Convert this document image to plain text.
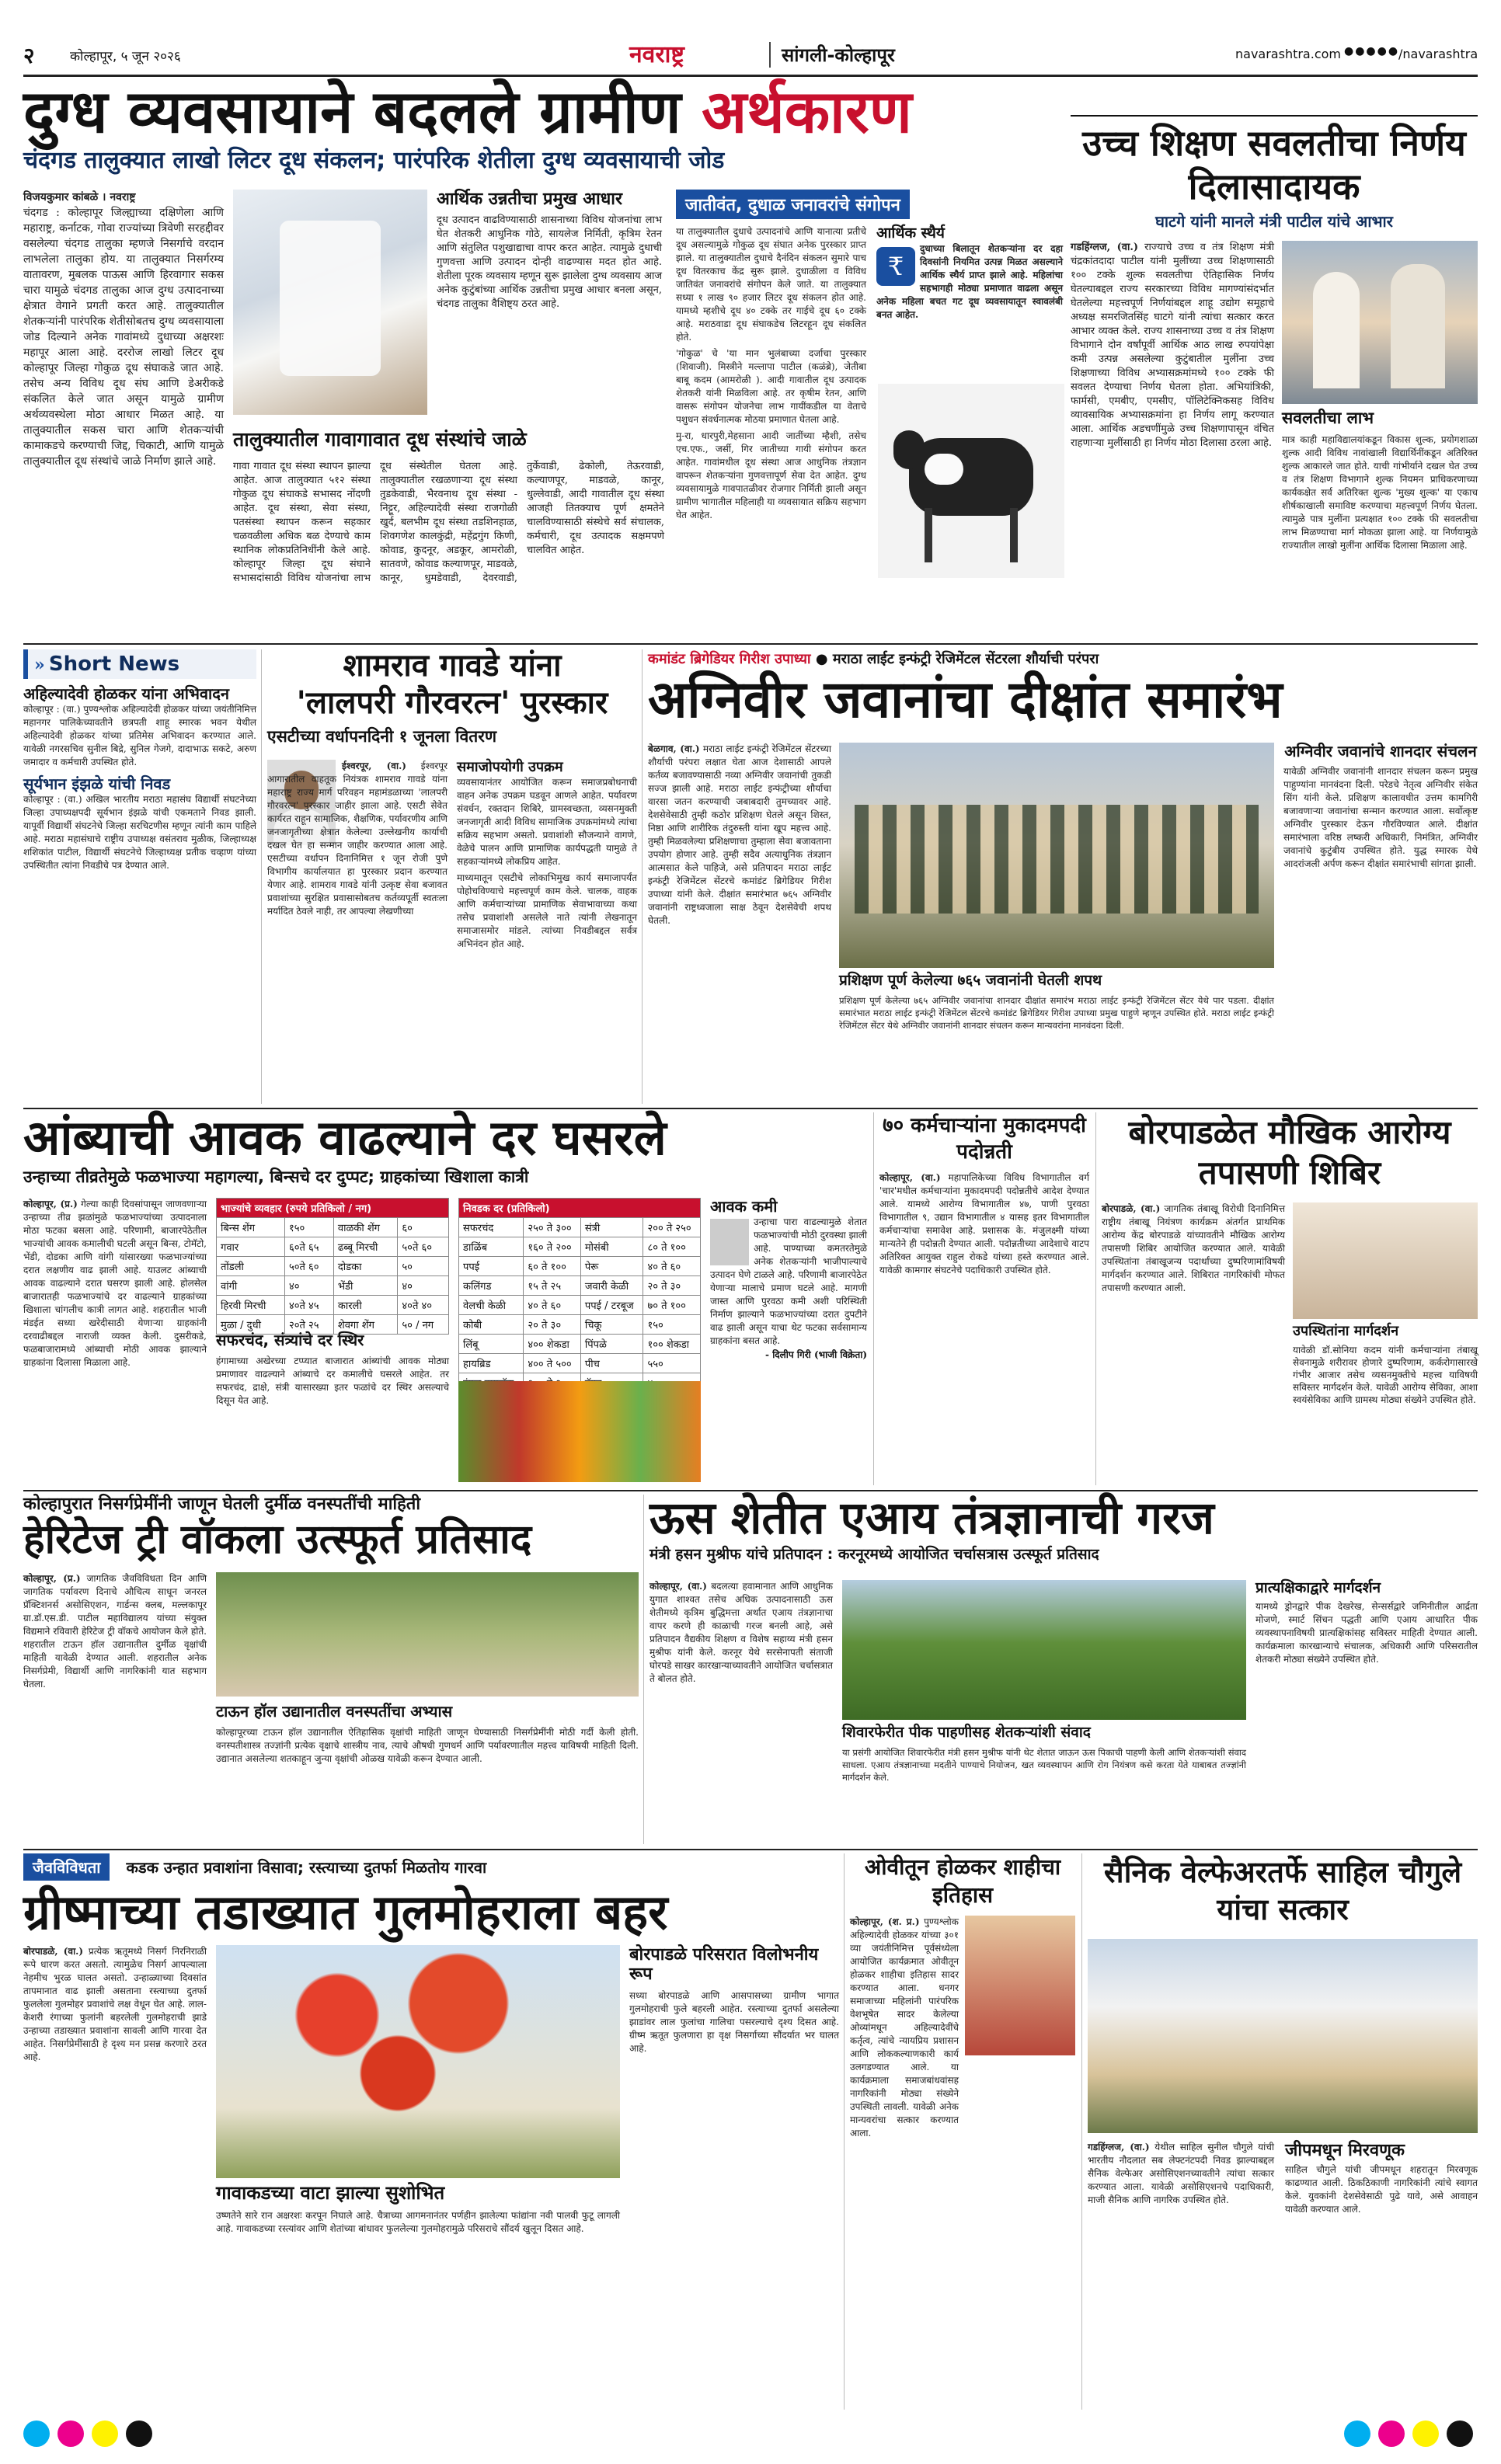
२	कोल्हापूर, ५ जून २०२६	नवराष्ट्र	सांगली-कोल्हापूर	navarashtra.com ●●●●●
/navarashtra
दुग्ध व्यवसायाने बदलले ग्रामीण अर्थकारण
चंदगड तालुक्यात लाखो लिटर दूध संकलन; पारंपरिक शेतीला दुग्ध व्यवसायाची जोड
विजयकुमार कांबळे । नवराष्ट्र
चंदगड : कोल्हापूर जिल्ह्याच्या दक्षिणेला आणि महाराष्ट्र, कर्नाटक, गोवा राज्यांच्या त्रिवेणी सरहद्दीवर वसलेल्या चंदगड तालुका म्हणजे निसर्गाचे वरदान लाभलेला तालुका होय. या तालुक्यात निसर्गरम्य वातावरण, मुबलक पाऊस आणि हिरवागार सकस चारा यामुळे चंदगड तालुका आज दुग्ध उत्पादनाच्या क्षेत्रात वेगाने प्रगती करत आहे. तालुक्यातील शेतकऱ्यांनी पारंपरिक शेतीसोबतच दुग्ध व्यवसायाला जोड दिल्याने अनेक गावांमध्ये दुधाच्या अक्षरशः महापूर आला आहे. दररोज लाखो लिटर दूध कोल्हापूर जिल्हा गोकुळ दूध संघाकडे जात आहे. तसेच अन्य विविध दूध संघ आणि डेअरीकडे संकलित केले जात असून यामुळे ग्रामीण अर्थव्यवस्थेला मोठा आधार मिळत आहे. या तालुक्यातील सकस चारा आणि शेतकऱ्यांची कामाकडचे करण्याची जिद्द, चिकाटी, आणि यामुळे तालुक्यातील दूध संस्थांचे जाळे निर्माण झाले आहे.
आर्थिक उन्नतीचा प्रमुख आधार
दूध उत्पादन वाढविण्यासाठी शासनाच्या विविध योजनांचा लाभ घेत शेतकरी आधुनिक गोठे, सायलेज निर्मिती, कृत्रिम रेतन आणि संतुलित पशुखाद्याचा वापर करत आहेत. त्यामुळे दुधाची गुणवत्ता आणि उत्पादन दोन्ही वाढण्यास मदत होत आहे. शेतीला पूरक व्यवसाय म्हणून सुरू झालेला दुग्ध व्यवसाय आज अनेक कुटुंबांच्या आर्थिक उन्नतीचा प्रमुख आधार बनला असून, चंदगड तालुका वैशिष्ट्य ठरत आहे.
तालुक्यातील गावागावात दूध संस्थांचे जाळे
गावा गावात दूध संस्था स्थापन झाल्या आहेत. आज तालुक्यात ५१२ संस्था गोकुळ दूध संघाकडे सभासद नोंदणी आहेत. दूध संस्था, सेवा संस्था, पतसंस्था स्थापन करून सहकार चळवळीला अधिक बळ देण्याचे काम स्थानिक लोकप्रतिनिधींनी केले आहे. कोल्हापूर जिल्हा दूध संघाने सभासदांसाठी विविध योजनांचा लाभ दूध संस्थेतील घेतला आहे. तालुक्यातील रखळणाऱ्या दूध संस्था तुडकेवाडी, भैरवनाथ दूध संस्था - निट्टूर, अहिल्यादेवी संस्था राजगोळी खुर्द, बलभीम दूध संस्था तडशिनहाळ, शिवगणेश कालकुंद्री, महेंद्रगुंग किणी, कोवाड, कुदनूर, अडकूर, आमरोळी, सातवणे, कोवाड कल्याणपूर, माडवळे, कानूर, धुमडेवाडी, देवरवाडी, तुर्केवाडी, ढेकोली, तेऊरवाडी, कल्याणपूर, माडवळे, कानूर, धुल्लेवाडी, आदी गावातील दूध संस्था आजही तितक्याच पूर्ण क्षमतेने चालविण्यासाठी संस्थेचे सर्व संचालक, कर्मचारी, दूध उत्पादक सक्षमपणे चालवित आहेत.
जातीवंत, दुधाळ जनावरांचे संगोपन

या तालुक्यातील दुधाचे उत्पादनांचे आणि यानात्या प्रतीचे दूध असल्यामुळे गोकुळ दूध संघात अनेक पुरस्कार प्राप्त झाले. या तालुक्यातील दुधाचे दैनंदिन संकलन सुमारे पाच दूध वितरकाच केंद्र सुरू झाले. दुधाळीला व विविध जातिवंत जनावरांचे संगोपन केले जाते. या तालुक्यात सध्या १ लाख ९० हजार लिटर दूध संकलन होत आहे. यामध्ये म्हशीचे दूध ४० टक्के तर गाईचे दूध ६० टक्के आहे. मराठवाडा दूध संघाकडेच लिटरहून दूध संकलित होते.

'गोकुळ' चे 'या मान भुलंबाच्या दर्जाचा पुरस्कार (शिवाजी). मिस्त्रीने मल्लापा पाटील (कळंब्रे), जेतीबा बाबू कदम (आमरोळी ). आदी गावातील दूध उत्पादक शेतकरी यांनी मिळविला आहे. तर कृषीम रेतन, आणि वासरू संगोपन योजनेचा लाभ गायींकडील या वेताचे पशुधन संवर्धनात्मक मोठया प्रमाणात घेतला आहे.

मु-रा, धारपुरी,मेहसाना आदी जातींच्या म्हैशी, तसेच एच.एफ., जर्सी, गिर जातीच्या गायी संगोपन करत आहेत. गावांमधील दूध संस्था आज आधुनिक तंत्रज्ञान वापरून शेतकऱ्यांना गुणवत्तापूर्ण सेवा देत आहेत. दुग्ध व्यवसायामुळे गावपातळीवर रोजगार निर्मिती झाली असून ग्रामीण भागातील महिलाही या व्यवसायात सक्रिय सहभाग घेत आहेत.

आर्थिक स्थैर्य
₹
दुधाच्या बिलातून शेतकऱ्यांना दर दहा दिवसांनी नियमित उत्पन्न मिळत असल्याने आर्थिक स्थैर्य प्राप्त झाले आहे. महिलांचा सहभागही मोठ्या प्रमाणात वाढला असून अनेक महिला बचत गट दूध व्यवसायातून स्वावलंबी बनत आहेत.
उच्च शिक्षण सवलतीचा निर्णय दिलासादायक
घाटगे यांनी मानले मंत्री पाटील यांचे आभार
गडहिंग्लज, (वा.) राज्याचे उच्च व तंत्र शिक्षण मंत्री चंद्रकांतदादा पाटील यांनी मुलींच्या उच्च शिक्षणासाठी १०० टक्के शुल्क सवलतीचा ऐतिहासिक निर्णय घेतल्याबद्दल राज्य सरकारच्या विविध मागण्यांसंदर्भात घेतलेल्या महत्त्वपूर्ण निर्णयांबद्दल शाहू उद्योग समूहाचे अध्यक्ष समरजितसिंह घाटगे यांनी त्यांचा सत्कार करत आभार व्यक्त केले. राज्य शासनाच्या उच्च व तंत्र शिक्षण विभागाने दोन वर्षांपूर्वी आर्थिक आठ लाख रुपयांपेक्षा कमी उत्पन्न असलेल्या कुटुंबातील मुलींना उच्च शिक्षणाच्या विविध अभ्यासक्रमांमध्ये १०० टक्के फी सवलत देण्याचा निर्णय घेतला होता. अभियांत्रिकी, फार्मसी, एमबीए, एमसीए, पॉलिटेक्निकसह विविध व्यावसायिक अभ्यासक्रमांना हा निर्णय लागू करण्यात आला. आर्थिक अडचणींमुळे उच्च शिक्षणापासून वंचित राहणाऱ्या मुलींसाठी हा निर्णय मोठा दिलासा ठरला आहे.
सवलतीचा लाभ
मात्र काही महाविद्यालयांकडून विकास शुल्क, प्रयोगशाळा शुल्क आदी विविध नावांखाली विद्यार्थिनींकडून अतिरिक्त शुल्क आकारले जात होते. याची गांभीर्याने दखल घेत उच्च व तंत्र शिक्षण विभागाने शुल्क नियमन प्राधिकरणाच्या कार्यकक्षेत सर्व अतिरिक्त शुल्क 'मुख्य शुल्क' या एकाच शीर्षकाखाली समाविष्ट करण्याचा महत्त्वपूर्ण निर्णय घेतला. त्यामुळे पात्र मुलींना प्रत्यक्षात १०० टक्के फी सवलतीचा लाभ मिळण्याचा मार्ग मोकळा झाला आहे. या निर्णयामुळे राज्यातील लाखो मुलींना आर्थिक दिलासा मिळाला आहे.
» Short News
अहिल्यादेवी होळकर यांना अभिवादन
कोल्हापूर : (वा.) पुण्यश्लोक अहिल्यादेवी होळकर यांच्या जयंतीनिमित्त महानगर पालिकेच्यावतीने छत्रपती शाहू स्मारक भवन येथील अहिल्यादेवी होळकर यांच्या प्रतिमेस अभिवादन करण्यात आले. यावेळी नगरसचिव सुनील बिद्रे, सुनिल गेजगे, दादाभाऊ सकटे, अरुण जमादार व कर्मचारी उपस्थित होते.
सूर्यभान इंझळे यांची निवड
कोल्हापूर : (वा.) अखिल भारतीय मराठा महासंघ विद्यार्थी संघटनेच्या जिल्हा उपाध्यक्षपदी सूर्यभान इंझळे यांची एकमताने निवड झाली. यापूर्वी विद्यार्थी संघटनेचे जिल्हा सरचिटणीस म्हणून त्यांनी काम पाहिले आहे. मराठा महासंघाचे राष्ट्रीय उपाध्यक्ष वसंतराव मुळीक, जिल्हाध्यक्ष शशिकांत पाटील, विद्यार्थी संघटनेचे जिल्हाध्यक्ष प्रतीक चव्हाण यांच्या उपस्थितीत त्यांना निवडीचे पत्र देण्यात आले.
शामराव गावडे यांना
'लालपरी गौरवरत्न' पुरस्कार
एसटीच्या वर्धापनदिनी १ जूनला वितरण
ईश्वरपूर, (वा.) ईश्वरपूर आगारातील वाहतूक नियंत्रक शामराव गावडे यांना महाराष्ट्र राज्य मार्ग परिवहन महामंडळाच्या 'लालपरी गौरवरत्न' पुरस्कार जाहीर झाला आहे. एसटी सेवेत कार्यरत राहून सामाजिक, शैक्षणिक, पर्यावरणीय आणि जनजागृतीच्या क्षेत्रात केलेल्या उल्लेखनीय कार्याची दखल घेत हा सन्मान जाहीर करण्यात आला आहे. एसटीच्या वर्धापन दिनानिमित्त १ जून रोजी पुणे विभागीय कार्यालयात हा पुरस्कार प्रदान करण्यात येणार आहे. शामराव गावडे यांनी उत्कृष्ट सेवा बजावत प्रवाशांच्या सुरक्षित प्रवासासोबतच कर्तव्यपूर्ती स्वतःला मर्यादित ठेवले नाही, तर आपल्या लेखणीच्या
समाजोपयोगी उपक्रम
व्यवसायानंतर आयोजित करून समाजप्रबोधनाची वाहन अनेक उपक्रम घडवून आणले आहेत. पर्यावरण संवर्धन, रक्तदान शिबिरे, ग्रामस्वच्छता, व्यसनमुक्ती जनजागृती आदी विविध सामाजिक उपक्रमांमध्ये त्यांचा सक्रिय सहभाग असतो. प्रवाशांशी सौजन्याने वागणे, वेळेचे पालन आणि प्रामाणिक कार्यपद्धती यामुळे ते सहकाऱ्यांमध्ये लोकप्रिय आहेत.
माध्यमातून एसटीचे लोकाभिमुख कार्य समाजापर्यंत पोहोचविण्याचे महत्त्वपूर्ण काम केले. चालक, वाहक आणि कर्मचाऱ्यांच्या प्रामाणिक सेवाभावाच्या कथा तसेच प्रवाशांशी असलेले नाते त्यांनी लेखनातून समाजासमोर मांडले. त्यांच्या निवडीबद्दल सर्वत्र अभिनंदन होत आहे.
कमांडंट ब्रिगेडियर गिरीश उपाध्या ● मराठा लाईट इन्फंट्री रेजिमेंटल सेंटरला शौर्याची परंपरा
अग्निवीर जवानांचा दीक्षांत समारंभ
बेळगाव, (वा.) मराठा लाईट इन्फंट्री रेजिमेंटल सेंटरच्या शौर्याची परंपरा लक्षात घेता आज देशासाठी आपले कर्तव्य बजावण्यासाठी नव्या अग्निवीर जवानांची तुकडी सज्ज झाली आहे. मराठा लाईट इन्फंट्रीच्या शौर्याचा वारसा जतन करण्याची जबाबदारी तुमच्यावर आहे. देशसेवेसाठी तुम्ही कठोर प्रशिक्षण घेतले असून शिस्त, निष्ठा आणि शारीरिक तंदुरुस्ती यांना खूप महत्त्व आहे. तुम्ही मिळवलेल्या प्रशिक्षणाचा तुम्हाला सेवा बजावताना उपयोग होणार आहे. तुम्ही सदैव अत्याधुनिक तंत्रज्ञान आत्मसात केले पाहिजे, असे प्रतिपादन मराठा लाईट इन्फंट्री रेजिमेंटल सेंटरचे कमांडंट ब्रिगेडियर गिरीश उपाध्या यांनी केले. दीक्षांत समारंभात ७६५ अग्निवीर जवानांनी राष्ट्रध्वजाला साक्ष ठेवून देशसेवेची शपथ घेतली.
प्रशिक्षण पूर्ण केलेल्या ७६५ जवानांनी घेतली शपथ
प्रशिक्षण पूर्ण केलेल्या ७६५ अग्निवीर जवानांचा शानदार दीक्षांत समारंभ मराठा लाईट इन्फंट्री रेजिमेंटल सेंटर येथे पार पडला. दीक्षांत समारंभात मराठा लाईट इन्फंट्री रेजिमेंटल सेंटरचे कमांडंट ब्रिगेडियर गिरीश उपाध्या प्रमुख पाहुणे म्हणून उपस्थित होते. मराठा लाईट इन्फंट्री रेजिमेंटल सेंटर येथे अग्निवीर जवानांनी शानदार संचलन करून मान्यवरांना मानवंदना दिली.
अग्निवीर जवानांचे शानदार संचलन
यावेळी अग्निवीर जवानांनी शानदार संचलन करून प्रमुख पाहुण्यांना मानवंदना दिली. परेडचे नेतृत्व अग्निवीर संकेत सिंग यांनी केले. प्रशिक्षण कालावधीत उत्तम कामगिरी बजावणाऱ्या जवानांचा सन्मान करण्यात आला. सर्वोत्कृष्ट अग्निवीर पुरस्कार देऊन गौरविण्यात आले. दीक्षांत समारंभाला वरिष्ठ लष्करी अधिकारी, निमंत्रित, अग्निवीर जवानांचे कुटुंबीय उपस्थित होते. युद्ध स्मारक येथे आदरांजली अर्पण करून दीक्षांत समारंभाची सांगता झाली.
आंब्याची आवक वाढल्याने दर घसरले
उन्हाच्या तीव्रतेमुळे फळभाज्या महागल्या, बिन्सचे दर दुप्पट; ग्राहकांच्या खिशाला कात्री
कोल्हापूर, (प्र.) गेल्या काही दिवसांपासून जाणवणाऱ्या उन्हाच्या तीव्र झळांमुळे फळभाज्यांच्या उत्पादनाला मोठा फटका बसला आहे. परिणामी, बाजारपेठेतील भाज्यांची आवक कमालीची घटली असून बिन्स, टोमॅटो, भेंडी, दोडका आणि वांगी यांसारख्या फळभाज्यांच्या दरात लक्षणीय वाढ झाली आहे. याउलट आंब्याची आवक वाढल्याने दरात घसरण झाली आहे. होलसेल बाजारातही फळभाज्यांचे दर वाढल्याने ग्राहकांच्या खिशाला चांगलीच कात्री लागत आहे. शहरातील भाजी मंडईत सध्या खरेदीसाठी येणाऱ्या ग्राहकांनी दरवाढीबद्दल नाराजी व्यक्त केली. दुसरीकडे, फळबाजारामध्ये आंब्याची मोठी आवक झाल्याने ग्राहकांना दिलासा मिळाला आहे.
भाज्यांचे व्यवहार (रुपये प्रतिकिलो / नग)			
बिन्स शेंग	१५०	वाळकी शेंग	६०
गवार	६०ते ६५	ढब्बू मिरची	५०ते ६०
तोंडली	५०ते ६०	दोडका	५०
वांगी	४०	भेंडी	४०
हिरवी मिरची	४०ते ४५	कारली	४०ते ४०
मुळा / दुधी	२०ते २५	शेवगा शेंग	५० / नग
निवडक दर (प्रतिकिलो)			
सफरचंद	२५० ते ३००	संत्री	२०० ते २५०
डाळिंब	१६० ते २००	मोसंबी	८० ते १००
पपई	६० ते १००	पेरू	४० ते ६०
कलिंगड	१५ ते २५	जवारी केळी	२० ते ३०
वेलची केळी	४० ते ६०	पपई / टरबूज	७० ते १००
कोबी	२० ते ३०	चिकू	१५०
लिंबू	४०० शेकडा	पिंपळे	१०० शेकडा
हायब्रिड	४०० ते ५००	पीच	५५०

सफरचंद, संत्र्यांचे दर स्थिर
हंगामाच्या अखेरच्या टप्प्यात बाजारात आंब्यांची आवक मोठ्या प्रमाणावर वाढल्याने आंब्याचे दर कमालीचे घसरले आहेत. तर सफरचंद, द्राक्षे, संत्री यासारख्या इतर फळांचे दर स्थिर असल्याचे दिसून येत आहे.
आवक कमी
उन्हाचा पारा वाढल्यामुळे शेतात फळभाज्यांची मोठी दुरवस्था झाली आहे. पाण्याच्या कमतरतेमुळे अनेक शेतकऱ्यांनी भाजीपाल्याचे उत्पादन घेणे टाळले आहे. परिणामी बाजारपेठेत येणाऱ्या मालाचे प्रमाण घटले आहे. मागणी जास्त आणि पुरवठा कमी अशी परिस्थिती निर्माण झाल्याने फळभाज्यांच्या दरात दुपटीने वाढ झाली असून याचा थेट फटका सर्वसामान्य ग्राहकांना बसत आहे.
- दिलीप गिरी (भाजी विक्रेता)
७० कर्मचाऱ्यांना मुकादमपदी पदोन्नती
कोल्हापूर, (वा.) महापालिकेच्या विविध विभागातील वर्ग 'चार'मधील कर्मचाऱ्यांना मुकादमपदी पदोन्नतीचे आदेश देण्यात आले. यामध्ये आरोग्य विभागातील ४७, पाणी पुरवठा विभागातील ९, उद्यान विभागातील ४ यासह इतर विभागातील कर्मचाऱ्यांचा समावेश आहे. प्रशासक के. मंजुलक्ष्मी यांच्या मान्यतेने ही पदोन्नती देण्यात आली. पदोन्नतीच्या आदेशाचे वाटप अतिरिक्त आयुक्त राहुल रोकडे यांच्या हस्ते करण्यात आले. यावेळी कामगार संघटनेचे पदाधिकारी उपस्थित होते.
बोरपाडळेत मौखिक आरोग्य तपासणी शिबिर
बोरपाडळे, (वा.) जागतिक तंबाखू विरोधी दिनानिमित्त राष्ट्रीय तंबाखू नियंत्रण कार्यक्रम अंतर्गत प्राथमिक आरोग्य केंद्र बोरपाडळे यांच्यावतीने मौखिक आरोग्य तपासणी शिबिर आयोजित करण्यात आले. यावेळी उपस्थितांना तंबाखूजन्य पदार्थांच्या दुष्परिणामांविषयी मार्गदर्शन करण्यात आले. शिबिरात नागरिकांची मोफत तपासणी करण्यात आली.
उपस्थितांना मार्गदर्शन
यावेळी डॉ.सोनिया कदम यांनी कर्मचाऱ्यांना तंबाखू सेवनामुळे शरीरावर होणारे दुष्परिणाम, कर्करोगासारखे गंभीर आजार तसेच व्यसनमुक्तीचे महत्त्व याविषयी सविस्तर मार्गदर्शन केले. यावेळी आरोग्य सेविका, आशा स्वयंसेविका आणि ग्रामस्थ मोठ्या संख्येने उपस्थित होते.
कोल्हापुरात निसर्गप्रेमींनी जाणून घेतली दुर्मीळ वनस्पतींची माहिती
हेरिटेज ट्री वॉकला उत्स्फूर्त प्रतिसाद
कोल्हापूर, (प्र.) जागतिक जैवविविधता दिन आणि जागतिक पर्यावरण दिनाचे औचित्य साधून जनरल प्रॅक्टिशनर्स असोसिएशन, गार्डन्स क्लब, मल्लकापूर ग्रा.डॉ.एस.डी. पाटील महाविद्यालय यांच्या संयुक्त विद्यमाने रविवारी हेरिटेज ट्री वॉकचे आयोजन केले होते. शहरातील टाऊन हॉल उद्यानातील दुर्मीळ वृक्षांची माहिती यावेळी देण्यात आली. शहरातील अनेक निसर्गप्रेमी, विद्यार्थी आणि नागरिकांनी यात सहभाग घेतला.
टाऊन हॉल उद्यानातील वनस्पतींचा अभ्यास
कोल्हापूरच्या टाऊन हॉल उद्यानातील ऐतिहासिक वृक्षांची माहिती जाणून घेण्यासाठी निसर्गप्रेमींनी मोठी गर्दी केली होती. वनस्पतीशास्त्र तज्ज्ञांनी प्रत्येक वृक्षाचे शास्त्रीय नाव, त्याचे औषधी गुणधर्म आणि पर्यावरणातील महत्त्व याविषयी माहिती दिली. उद्यानात असलेल्या शतकाहून जुन्या वृक्षांची ओळख यावेळी करून देण्यात आली.
ऊस शेतीत एआय तंत्रज्ञानाची गरज
मंत्री हसन मुश्रीफ यांचे प्रतिपादन : करनूरमध्ये आयोजित चर्चासत्रास उत्स्फूर्त प्रतिसाद
कोल्हापूर, (वा.) बदलत्या हवामानात आणि आधुनिक युगात शाश्वत तसेच अधिक उत्पादनासाठी ऊस शेतीमध्ये कृत्रिम बुद्धिमत्ता अर्थात एआय तंत्रज्ञानाचा वापर करणे ही काळाची गरज बनली आहे, असे प्रतिपादन वैद्यकीय शिक्षण व विशेष सहाय्य मंत्री हसन मुश्रीफ यांनी केले. करनूर येथे सरसेनापती संताजी घोरपडे साखर कारखान्याच्यावतीने आयोजित चर्चासत्रात ते बोलत होते.
शिवारफेरीत पीक पाहणीसह शेतकऱ्यांशी संवाद
या प्रसंगी आयोजित शिवारफेरीत मंत्री हसन मुश्रीफ यांनी थेट शेतात जाऊन ऊस पिकाची पाहणी केली आणि शेतकऱ्यांशी संवाद साधला. एआय तंत्रज्ञानाच्या मदतीने पाण्याचे नियोजन, खत व्यवस्थापन आणि रोग नियंत्रण कसे करता येते याबाबत तज्ज्ञांनी मार्गदर्शन केले.
प्रात्यक्षिकाद्वारे मार्गदर्शन
यामध्ये ड्रोनद्वारे पीक देखरेख, सेन्सर्सद्वारे जमिनीतील आर्द्रता मोजणे, स्मार्ट सिंचन पद्धती आणि एआय आधारित पीक व्यवस्थापनाविषयी प्रात्यक्षिकांसह सविस्तर माहिती देण्यात आली. कार्यक्रमाला कारखान्याचे संचालक, अधिकारी आणि परिसरातील शेतकरी मोठ्या संख्येने उपस्थित होते.
जैवविविधता कडक उन्हात प्रवाशांना विसावा; रस्त्याच्या दुतर्फा मिळतोय गारवा
ग्रीष्माच्या तडाख्यात गुलमोहराला बहर
बोरपाडळे, (वा.) प्रत्येक ऋतूमध्ये निसर्ग निरनिराळी रूपे धारण करत असतो. त्यामुळेच निसर्ग आपल्याला नेहमीच भुरळ घालत असतो. उन्हाळ्याच्या दिवसांत तापमानात वाढ झाली असताना रस्त्याच्या दुतर्फा फुललेला गुलमोहर प्रवाशांचे लक्ष वेधून घेत आहे. लाल-केशरी रंगाच्या फुलांनी बहरलेली गुलमोहराची झाडे उन्हाच्या तडाख्यात प्रवाशांना सावली आणि गारवा देत आहेत. निसर्गप्रेमींसाठी हे दृश्य मन प्रसन्न करणारे ठरत आहे.
गावाकडच्या वाटा झाल्या सुशोभित
उष्णतेने सारे रान अक्षरशः करपून निघाले आहे. चैत्राच्या आगमनानंतर पर्णहीन झालेल्या फांद्यांना नवी पालवी फुटू लागली आहे. गावाकडच्या रस्त्यांवर आणि शेतांच्या बांधावर फुललेल्या गुलमोहरामुळे परिसराचे सौंदर्य खुलून दिसत आहे.
बोरपाडळे परिसरात विलोभनीय रूप
सध्या बोरपाडळे आणि आसपासच्या ग्रामीण भागात गुलमोहराची फुले बहरली आहेत. रस्त्याच्या दुतर्फा असलेल्या झाडांवर लाल फुलांचा गालिचा पसरल्याचे दृश्य दिसत आहे. ग्रीष्म ऋतूत फुलणारा हा वृक्ष निसर्गाच्या सौंदर्यात भर घालत आहे.
ओवीतून होळकर शाहीचा इतिहास
कोल्हापूर, (श. प्र.) पुण्यश्लोक अहिल्यादेवी होळकर यांच्या ३०१ व्या जयंतीनिमित्त पूर्वसंध्येला आयोजित कार्यक्रमात ओवीतून होळकर शाहीचा इतिहास सादर करण्यात आला. धनगर समाजाच्या महिलांनी पारंपरिक वेशभूषेत सादर केलेल्या ओव्यांमधून अहिल्यादेवींचे कर्तृत्व, त्यांचे न्यायप्रिय प्रशासन आणि लोककल्याणकारी कार्य उलगडण्यात आले. या कार्यक्रमाला समाजबांधवांसह नागरिकांनी मोठ्या संख्येने उपस्थिती लावली. यावेळी अनेक मान्यवरांचा सत्कार करण्यात आला.
सैनिक वेल्फेअरतर्फे साहिल चौगुले यांचा सत्कार
गडहिंग्लज, (वा.) येथील साहिल सुनील चौगुले यांची भारतीय नौदलात सब लेफ्टनंटपदी निवड झाल्याबद्दल सैनिक वेल्फेअर असोसिएशनच्यावतीने त्यांचा सत्कार करण्यात आला. यावेळी असोसिएशनचे पदाधिकारी, माजी सैनिक आणि नागरिक उपस्थित होते.
जीपमधून मिरवणूक
साहिल चौगुले यांची जीपमधून शहरातून मिरवणूक काढण्यात आली. ठिकठिकाणी नागरिकांनी त्यांचे स्वागत केले. युवकांनी देशसेवेसाठी पुढे यावे, असे आवाहन यावेळी करण्यात आले.
